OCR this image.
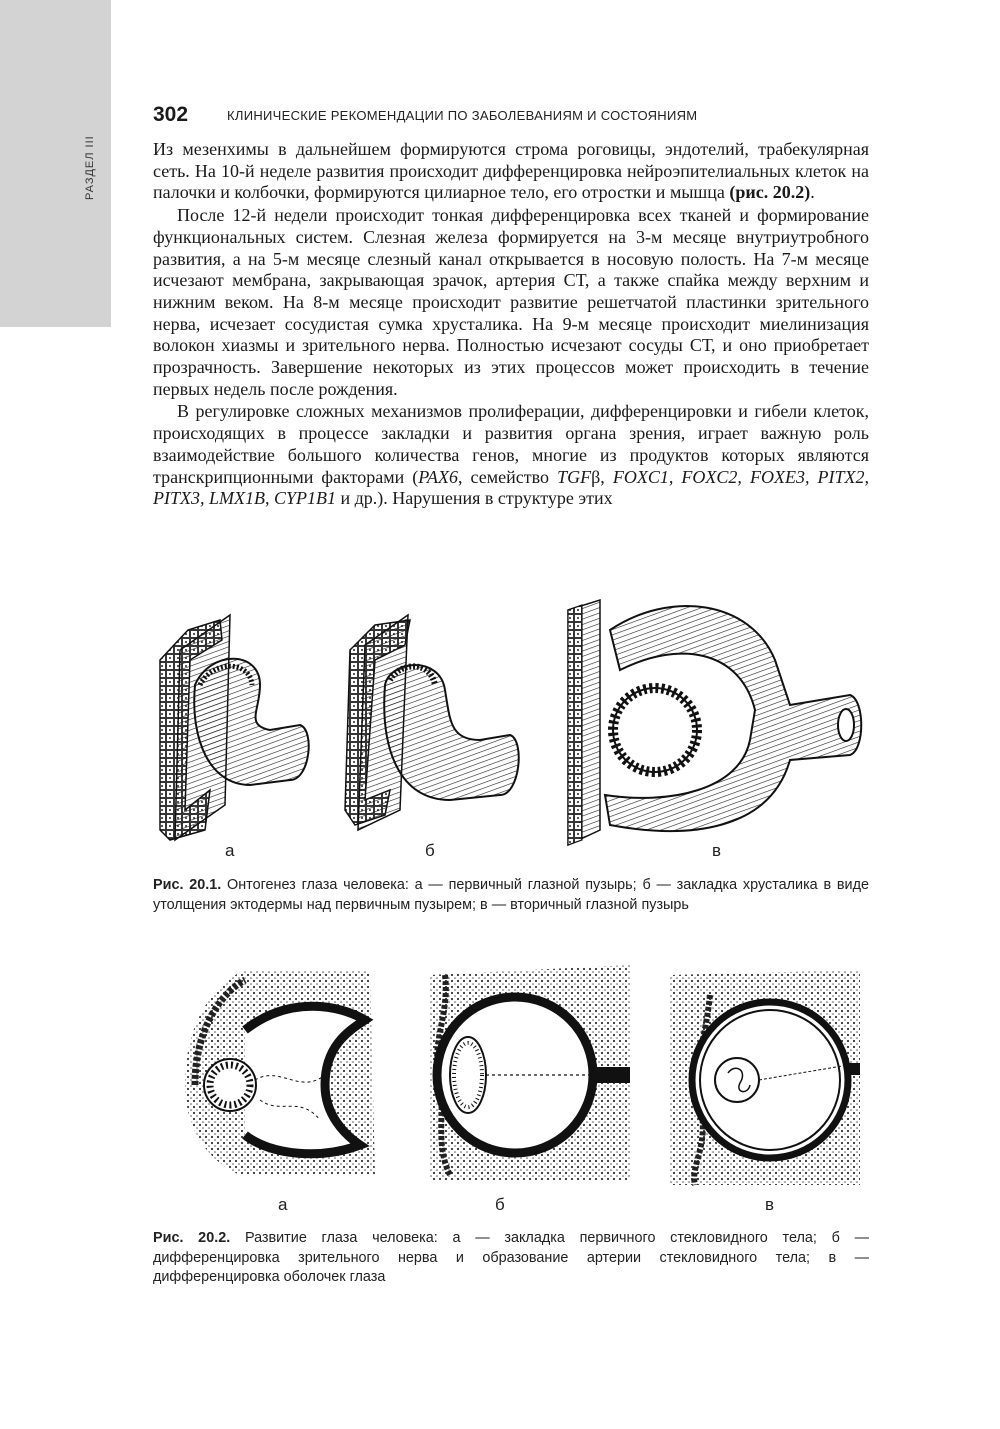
РАЗДЕЛ III
302	КЛИНИЧЕСКИЕ РЕКОМЕНДАЦИИ ПО ЗАБОЛЕВАНИЯМ И СОСТОЯНИЯМ

Из мезенхимы в дальнейшем формируются строма роговицы, эндотелий, трабекулярная сеть. На 10-й неделе развития происходит дифференцировка нейроэпителиальных клеток на палочки и колбочки, формируются цилиарное тело, его отростки и мышца (рис. 20.2).

После 12-й недели происходит тонкая дифференцировка всех тканей и формирование функциональных систем. Слезная железа формируется на 3-м месяце внутриутробного развития, а на 5-м месяце слезный канал открывается в носовую полость. На 7-м месяце исчезают мембрана, закрывающая зрачок, артерия СТ, а также спайка между верхним и нижним веком. На 8-м месяце происходит развитие решетчатой пластинки зрительного нерва, исчезает сосудистая сумка хрусталика. На 9-м месяце происходит миелинизация волокон хиазмы и зрительного нерва. Полностью исчезают сосуды СТ, и оно приобретает прозрачность. Завершение некоторых из этих процессов может происходить в течение первых недель после рождения.

В регулировке сложных механизмов пролиферации, дифференцировки и гибели клеток, происходящих в процессе закладки и развития органа зрения, играет важную роль взаимодействие большого количества генов, многие из продуктов которых являются транскрипционными факторами (PAX6, семейство TGFβ, FOXC1, FOXC2, FOXE3, PITX2, PITX3, LMX1B, CYP1B1 и др.). Нарушения в структуре этих

а	б	в
Рис. 20.1. Онтогенез глаза человека: а — первичный глазной пузырь; б — закладка хрусталика в виде утолщения эктодермы над первичным пузырем; в — вторичный глазной пузырь
а	б	в
Рис. 20.2. Развитие глаза человека: а — закладка первичного стекловидного тела; б — дифференцировка зрительного нерва и образование артерии стекловидного тела; в — дифференцировка оболочек глаза
